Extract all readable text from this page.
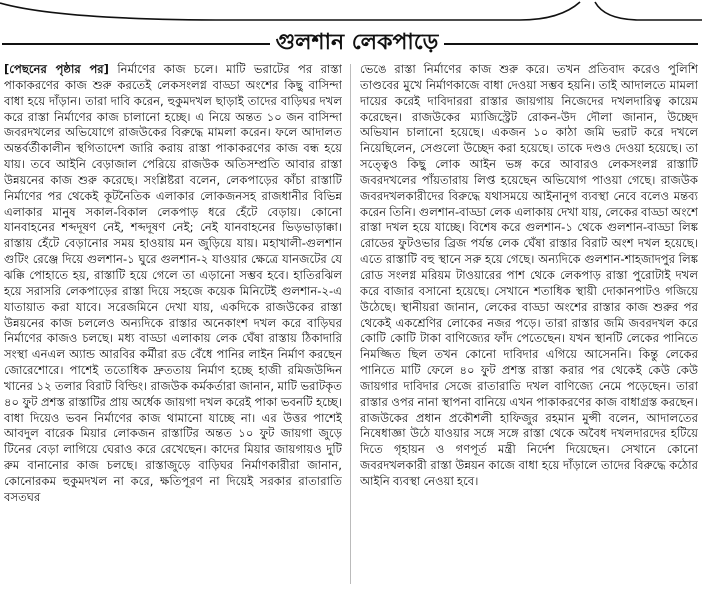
গুলশান লেকপাড়ে

[পেছনের পৃষ্ঠার পর] নির্মাণের কাজ চলে। মাটি ভরাটের পর রাস্তা পাকাকরণের কাজ শুরু করতেই লেকসংলগ্ন বাড্ডা অংশের কিছু বাসিন্দা বাধা হয়ে দাঁড়ান। তারা দাবি করেন, হুকুমদখল ছাড়াই তাদের বাড়িঘর দখল করে রাস্তা নির্মাণের কাজ চালানো হচ্ছে। এ নিয়ে অন্তত ১০ জন বাসিন্দা জবরদখলের অভিযোগে রাজউকের বিরুদ্ধে মামলা করেন। ফলে আদালত অন্তর্বর্তীকালীন স্থগিতাদেশ জারি করায় রাস্তা পাকাকরণের কাজ বন্ধ হয়ে যায়। তবে আইনি বেড়াজাল পেরিয়ে রাজউক অতিসম্প্রতি আবার রাস্তা উন্নয়নের কাজ শুরু করেছে। সংশ্লিষ্টরা বলেন, লেকপাড়ের কাঁচা রাস্তাটি নির্মাণের পর থেকেই কূটনৈতিক এলাকার লোকজনসহ রাজধানীর বিভিন্ন এলাকার মানুষ সকাল-বিকাল লেকপাড় ধরে হেঁটে বেড়ায়। কোনো যানবাহনের শব্দদূষণ নেই, শব্দদূষণ নেই; নেই যানবাহনের ভিড়ভাড়াক্কা। রাস্তায় হেঁটে বেড়ানোর সময় হাওয়ায় মন জুড়িয়ে যায়। মহাখালী-গুলশান গুটিং রেঞ্জে দিয়ে গুলশান-১ ঘুরে গুলশান-২ যাওয়ার ক্ষেত্রে যানজটের যে ঝক্কি পোহাতে হয়, রাস্তাটি হয়ে গেলে তা এড়ানো সম্ভব হবে। হাতিরঝিল হয়ে সরাসরি লেকপাড়ের রাস্তা দিয়ে সহজে কয়েক মিনিটেই গুলশান-২-এ যাতায়াত করা যাবে। সরেজমিনে দেখা যায়, একদিকে রাজউকের রাস্তা উন্নয়নের কাজ চললেও অন্যদিকে রাস্তার অনেকাংশ দখল করে বাড়িঘর নির্মাণের কাজও চলছে। মধ্য বাড্ডা এলাকায় লেক ঘেঁষা রাস্তায় ঠিকাদারি সংস্থা এনএল অ্যান্ড আরবির কর্মীরা রড বেঁধে পানির লাইন নির্মাণ করছেন জোরেশোরে। পাশেই ততোধিক দ্রুততায় নির্মাণ হচ্ছে হাজী রমিজউদ্দিন খানের ১২ তলার বিরাট বিল্ডিং। রাজউক কর্মকর্তারা জানান, মাটি ভরাটকৃত ৪০ ফুট প্রশস্ত রাস্তাটির প্রায় অর্ধেক জায়গা দখল করেই পাকা ভবনটি হচ্ছে। বাধা দিয়েও ভবন নির্মাণের কাজ থামানো যাচ্ছে না। এর উত্তর পাশেই আবদুল বারেক মিয়ার লোকজন রাস্তাটির অন্তত ১০ ফুট জায়গা জুড়ে টিনের বেড়া লাগিয়ে ঘেরাও করে রেখেছেন। কাদের মিয়ার জায়গায়ও দুটি রুম বানানোর কাজ চলছে। রাস্তাজুড়ে বাড়িঘর নির্মাণকারীরা জানান, কোনোরকম হুকুমদখল না করে, ক্ষতিপূরণ না দিয়েই সরকার রাতারাতি বসতঘর

ভেঙে রাস্তা নির্মাণের কাজ শুরু করে। তখন প্রতিবাদ করেও পুলিশি তাণ্ডবের মুখে নির্মাণকাজে বাধা দেওয়া সম্ভব হয়নি। তাই আদালতে মামলা দায়ের করেই দাবিদাররা রাস্তার জায়গায় নিজেদের দখলদারিত্ব কায়েম করেছেন। রাজউকের ম্যাজিস্ট্রেট রোকন-উদ দৌলা জানান, উচ্ছেদ অভিযান চালানো হয়েছে। একজন ১০ কাঠা জমি ভরাট করে দখলে নিয়েছিলেন, সেগুলো উচ্ছেদ করা হয়েছে। তাকে দণ্ডও দেওয়া হয়েছে। তা সত্ত্বেও কিছু লোক আইন ভঙ্গ করে আবারও লেকসংলগ্ন রাস্তাটি জবরদখলের পাঁয়তারায় লিপ্ত হয়েছেন অভিযোগ পাওয়া গেছে। রাজউক জবরদখলকারীদের বিরুদ্ধে যথাসময়ে আইনানুগ ব্যবস্থা নেবে বলেও মন্তব্য করেন তিনি। গুলশান-বাড্ডা লেক এলাকায় দেখা যায়, লেকের বাড্ডা অংশে রাস্তা দখল হয়ে যাচ্ছে। বিশেষ করে গুলশান-১ থেকে গুলশান-বাড্ডা লিঙ্ক রোডের ফুটওভার ব্রিজ পর্যন্ত লেক ঘেঁষা রাস্তার বিরাট অংশ দখল হয়েছে। এতে রাস্তাটি বহু স্থানে সরু হয়ে গেছে। অন্যদিকে গুলশান-শাহজাদপুর লিঙ্ক রোড সংলগ্ন মরিয়ম টাওয়ারের পাশ থেকে লেকপাড় রাস্তা পুরোটাই দখল করে বাজার বসানো হয়েছে। সেখানে শতাধিক স্থায়ী দোকানপাটও গজিয়ে উঠেছে। স্থানীয়রা জানান, লেকের বাড্ডা অংশের রাস্তার কাজ শুরুর পর থেকেই একশ্রেণির লোকের নজর পড়ে। তারা রাস্তার জমি জবরদখল করে কোটি কোটি টাকা বাণিজ্যের ফাঁদ পেতেছেন। যখন স্থানটি লেকের পানিতে নিমজ্জিত ছিল তখন কোনো দাবিদার এগিয়ে আসেননি। কিন্তু লেকের পানিতে মাটি ফেলে ৪০ ফুট প্রশস্ত রাস্তা করার পর থেকেই কেউ কেউ জায়গার দাবিদার সেজে রাতারাতি দখল বাণিজ্যে নেমে পড়েছেন। তারা রাস্তার ওপর নানা স্থাপনা বানিয়ে এখন পাকাকরণের কাজ বাধাগ্রস্ত করছেন। রাজউকের প্রধান প্রকৌশলী হাফিজুর রহমান মুন্সী বলেন, আদালতের নিষেধাজ্ঞা উঠে যাওয়ার সঙ্গে সঙ্গে রাস্তা থেকে অবৈধ দখলদারদের হটিয়ে দিতে গৃহায়ন ও গণপূর্ত মন্ত্রী নির্দেশ দিয়েছেন। সেখানে কোনো জবরদখলকারী রাস্তা উন্নয়ন কাজে বাধা হয়ে দাঁড়ালে তাদের বিরুদ্ধে কঠোর আইনি ব্যবস্থা নেওয়া হবে।
